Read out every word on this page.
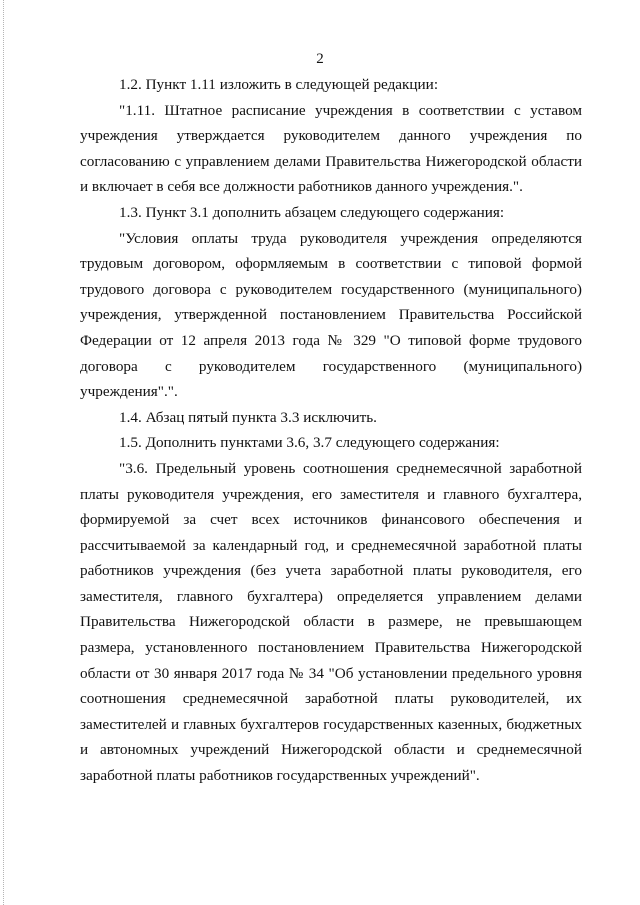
2

1.2. Пункт 1.11 изложить в следующей редакции:

"1.11. Штатное расписание учреждения в соответствии с уставом учреждения утверждается руководителем данного учреждения по согласованию с управлением делами Правительства Нижегородской области и включает в себя все должности работников данного учреждения.".

1.3. Пункт 3.1 дополнить абзацем следующего содержания:

"Условия оплаты труда руководителя учреждения определяются трудовым договором, оформляемым в соответствии с типовой формой трудового договора с руководителем государственного (муниципального) учреждения, утвержденной постановлением Правительства Российской Федерации от 12 апреля 2013 года № 329 "О типовой форме трудового договора с руководителем государственного (муниципального) учреждения".".

1.4. Абзац пятый пункта 3.3 исключить.

1.5. Дополнить пунктами 3.6, 3.7 следующего содержания:

"3.6. Предельный уровень соотношения среднемесячной заработной платы руководителя учреждения, его заместителя и главного бухгалтера, формируемой за счет всех источников финансового обеспечения и рассчитываемой за календарный год, и среднемесячной заработной платы работников учреждения (без учета заработной платы руководителя, его заместителя, главного бухгалтера) определяется управлением делами Правительства Нижегородской области в размере, не превышающем размера, установленного постановлением Правительства Нижегородской области от 30 января 2017 года № 34 "Об установлении предельного уровня соотношения среднемесячной заработной платы руководителей, их заместителей и главных бухгалтеров государственных казенных, бюджетных и автономных учреждений Нижегородской области и среднемесячной заработной платы работников государственных учреждений".
